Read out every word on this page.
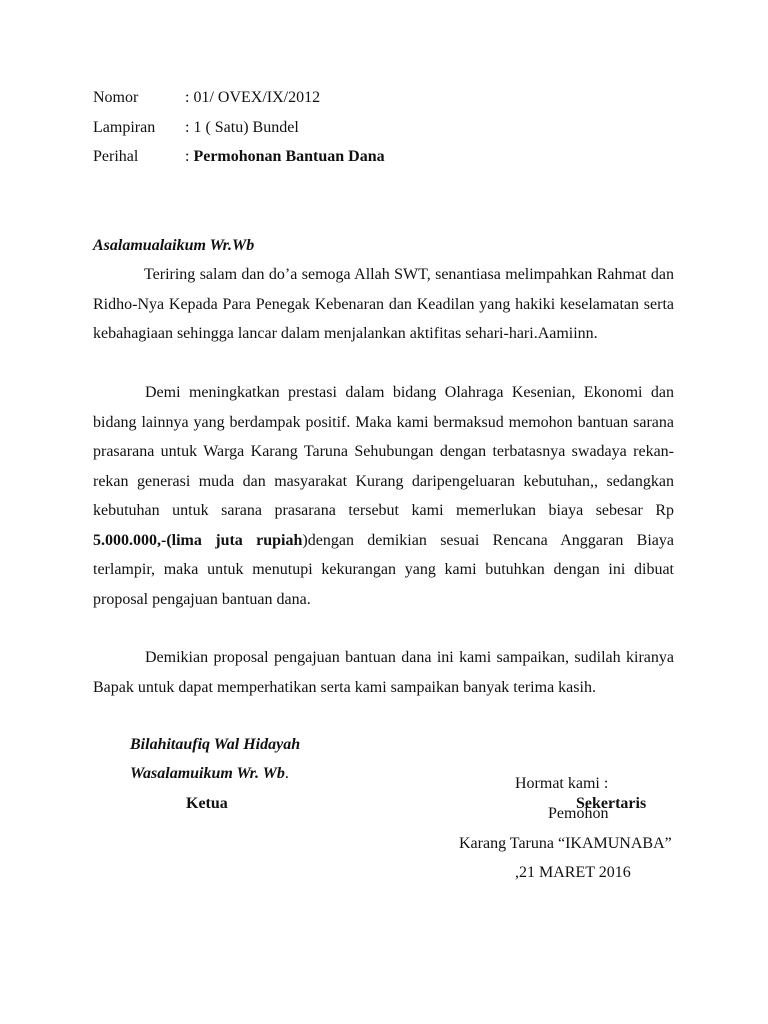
Nomor	: 01/ OVEX/IX/2012
Lampiran : 1 ( Satu) Bundel
Perihal	: Permohonan Bantuan Dana
Asalamualaikum Wr.Wb
Teriring salam dan do’a semoga Allah SWT, senantiasa melimpahkan Rahmat dan Ridho-Nya Kepada Para Penegak Kebenaran dan Keadilan yang hakiki keselamatan serta kebahagiaan sehingga lancar dalam menjalankan aktifitas sehari-hari.Aamiinn.
Demi meningkatkan prestasi dalam bidang Olahraga Kesenian, Ekonomi dan bidang lainnya yang berdampak positif. Maka kami bermaksud memohon bantuan sarana prasarana untuk Warga Karang Taruna Sehubungan dengan terbatasnya swadaya rekan-rekan generasi muda dan masyarakat Kurang daripengeluaran kebutuhan,, sedangkan kebutuhan untuk sarana prasarana tersebut kami memerlukan biaya sebesar Rp 5.000.000,-(lima juta rupiah)dengan demikian sesuai Rencana Anggaran Biaya terlampir, maka untuk menutupi kekurangan yang kami butuhkan dengan ini dibuat proposal pengajuan bantuan dana.
Demikian proposal pengajuan bantuan dana ini kami sampaikan, sudilah kiranya Bapak untuk dapat memperhatikan serta kami sampaikan banyak terima kasih.
Bilahitaufiq Wal Hidayah
Wasalamuikum Wr. Wb.
Ketua
Hormat kami :
Sekertaris
Pemohon
Karang Taruna “IKAMUNABA”
,21 MARET 2016
